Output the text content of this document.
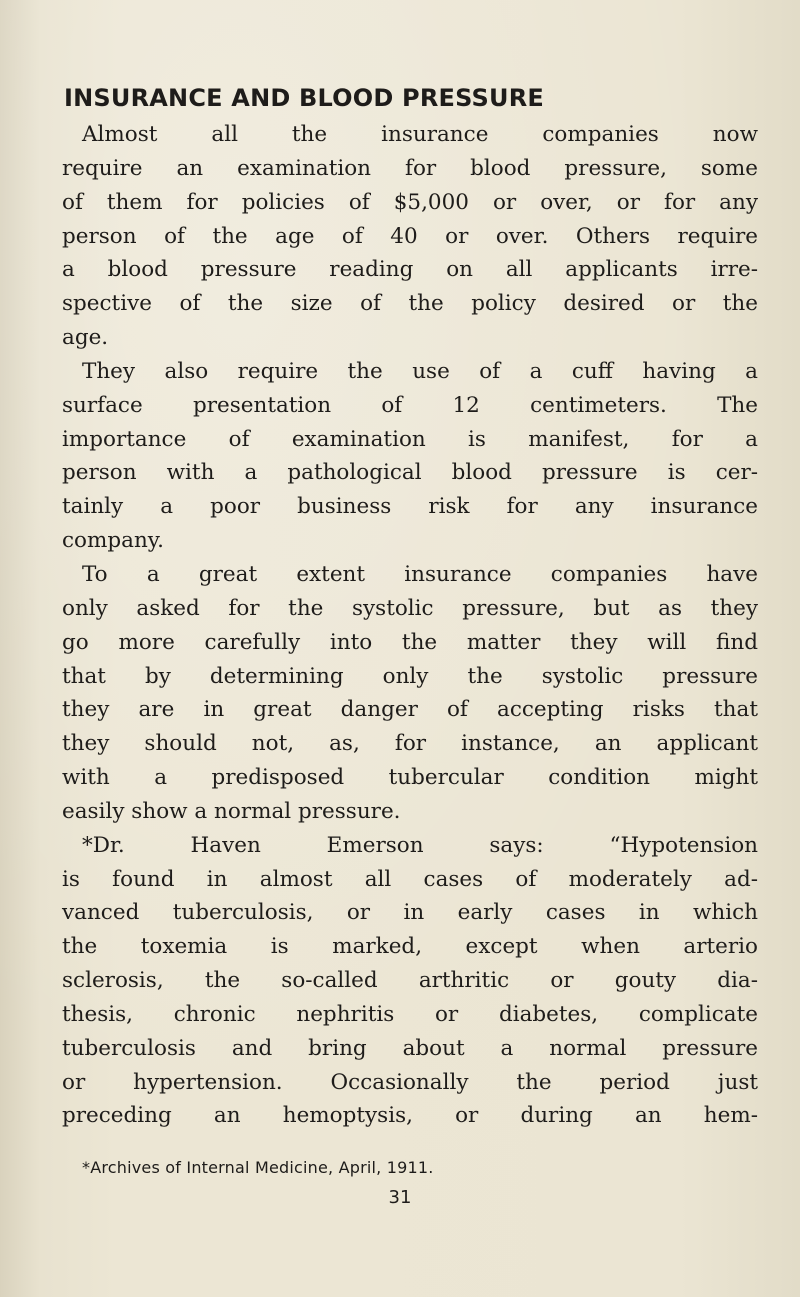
INSURANCE AND BLOOD PRESSURE
Almost all the insurance companies now
require an examination for blood pressure, some
of them for policies of $5,000 or over, or for any
person of the age of 40 or over. Others require
a blood pressure reading on all applicants irre-
spective of the size of the policy desired or the
age.
They also require the use of a cuff having a
surface presentation of 12 centimeters. The
importance of examination is manifest, for a
person with a pathological blood pressure is cer-
tainly a poor business risk for any insurance
company.
To a great extent insurance companies have
only asked for the systolic pressure, but as they
go more carefully into the matter they will find
that by determining only the systolic pressure
they are in great danger of accepting risks that
they should not, as, for instance, an applicant
with a predisposed tubercular condition might
easily show a normal pressure.
*Dr. Haven Emerson says: “Hypotension
is found in almost all cases of moderately ad-
vanced tuberculosis, or in early cases in which
the toxemia is marked, except when arterio
sclerosis, the so-called arthritic or gouty dia-
thesis, chronic nephritis or diabetes, complicate
tuberculosis and bring about a normal pressure
or hypertension. Occasionally the period just
preceding an hemoptysis, or during an hem-

*Archives of Internal Medicine, April, 1911.

31
